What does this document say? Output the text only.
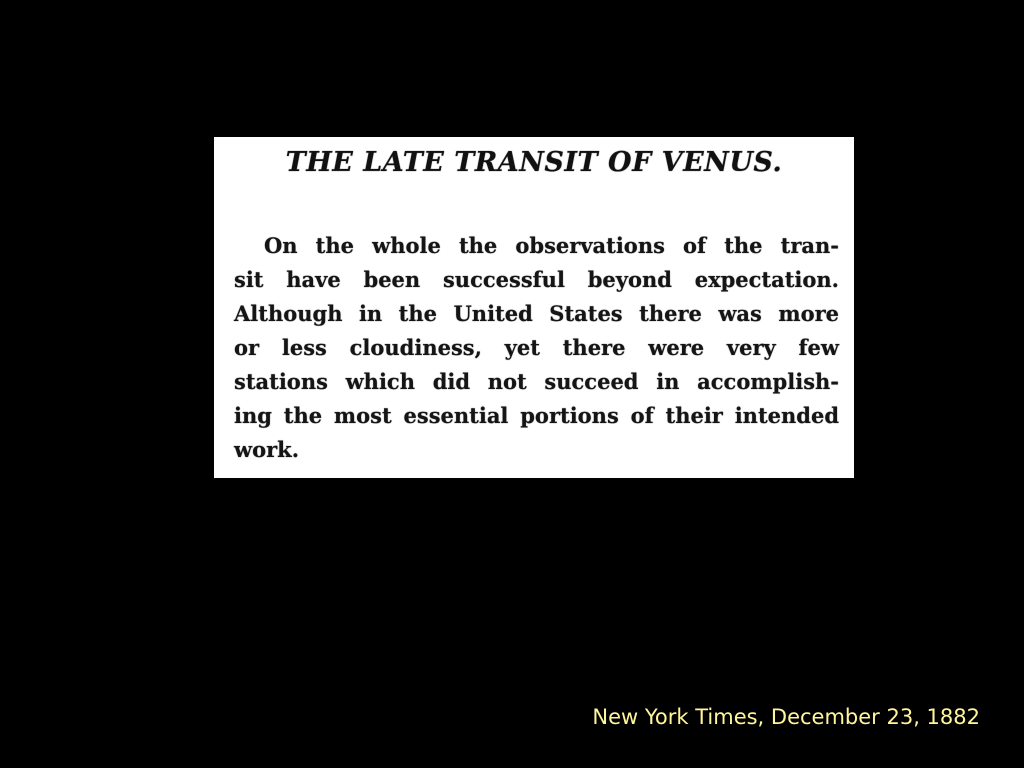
THE LATE TRANSIT OF VENUS.
On the whole the observations of the tran-
sit have been successful beyond expectation.
Although in the United States there was more
or less cloudiness, yet there were very few
stations which did not succeed in accomplish-
ing the most essential portions of their intended
work.

New York Times, December 23, 1882
